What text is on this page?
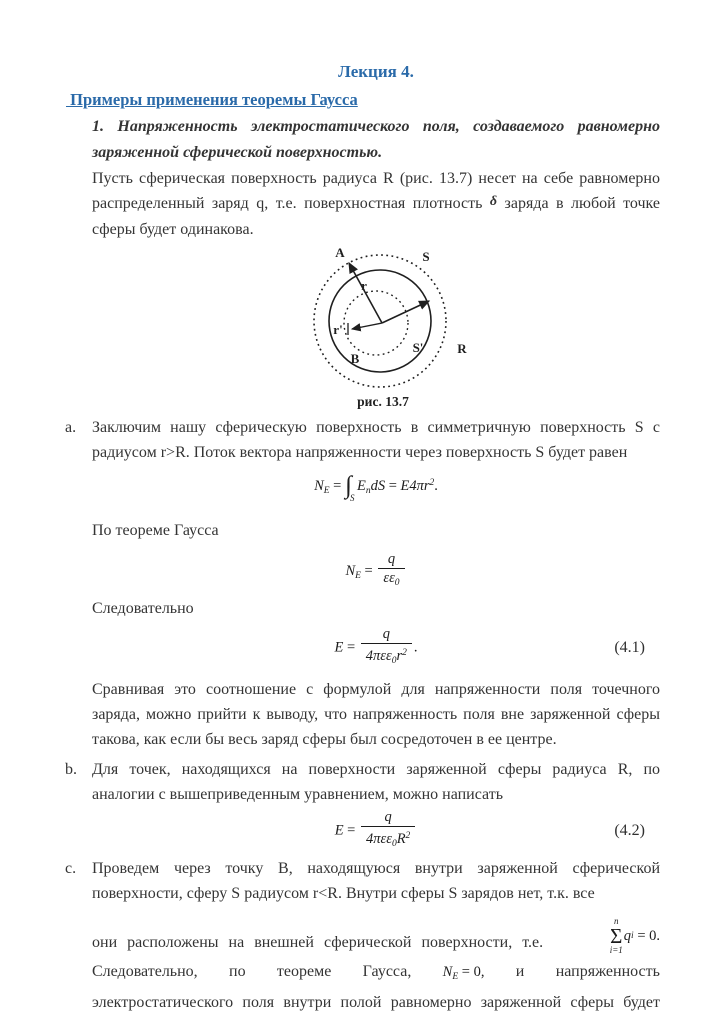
Лекция 4.
Примеры применения теоремы Гаусса

1. Напряженность электростатического поля, создаваемого равномерно заряженной сферической поверхностью.

Пусть сферическая поверхность радиуса R (рис. 13.7) несет на себе равномерно распределенный заряд q, т.е. поверхностная плотность δ заряда в любой точке сферы будет одинакова.

A	S
r
r'
S'
B
R
рис. 13.7
a. Заключим нашу сферическую поверхность в симметричную поверхность S с радиусом r>R. Поток вектора напряженности через поверхность S будет равен

$N_E$ = ∫
S
$E_ndS = E4\pi r^2$.

По теореме Гаусса

$N_E = \frac{q}{\varepsilon\varepsilon_0}$

Следовательно

$E = \frac{q}{4\pi\varepsilon\varepsilon_0r^2}$ .	(4.1)

Сравнивая это соотношение с формулой для напряженности поля точечного заряда, можно прийти к выводу, что напряженность поля вне заряженной сферы такова, как если бы весь заряд сферы был сосредоточен в ее центре.

b. Для точек, находящихся на поверхности заряженной сферы радиуса R, по аналогии с вышеприведенным уравнением, можно написать

$E = \frac{q}{4\pi\varepsilon\varepsilon_0R^2}$	(4.2)
c. Проведем через точку В, находящуюся внутри заряженной сферической поверхности, сферу S радиусом r<R. Внутри сферы S зарядов нет, т.к. все

они расположены на внешней сферической поверхности, т.е.
n
Σ
i=1
q i
= 0.
Следовательно, по теореме Гаусса, $N_E = 0$, и напряженность
электростатического поля внутри полой равномерно заряженной сферы будет
